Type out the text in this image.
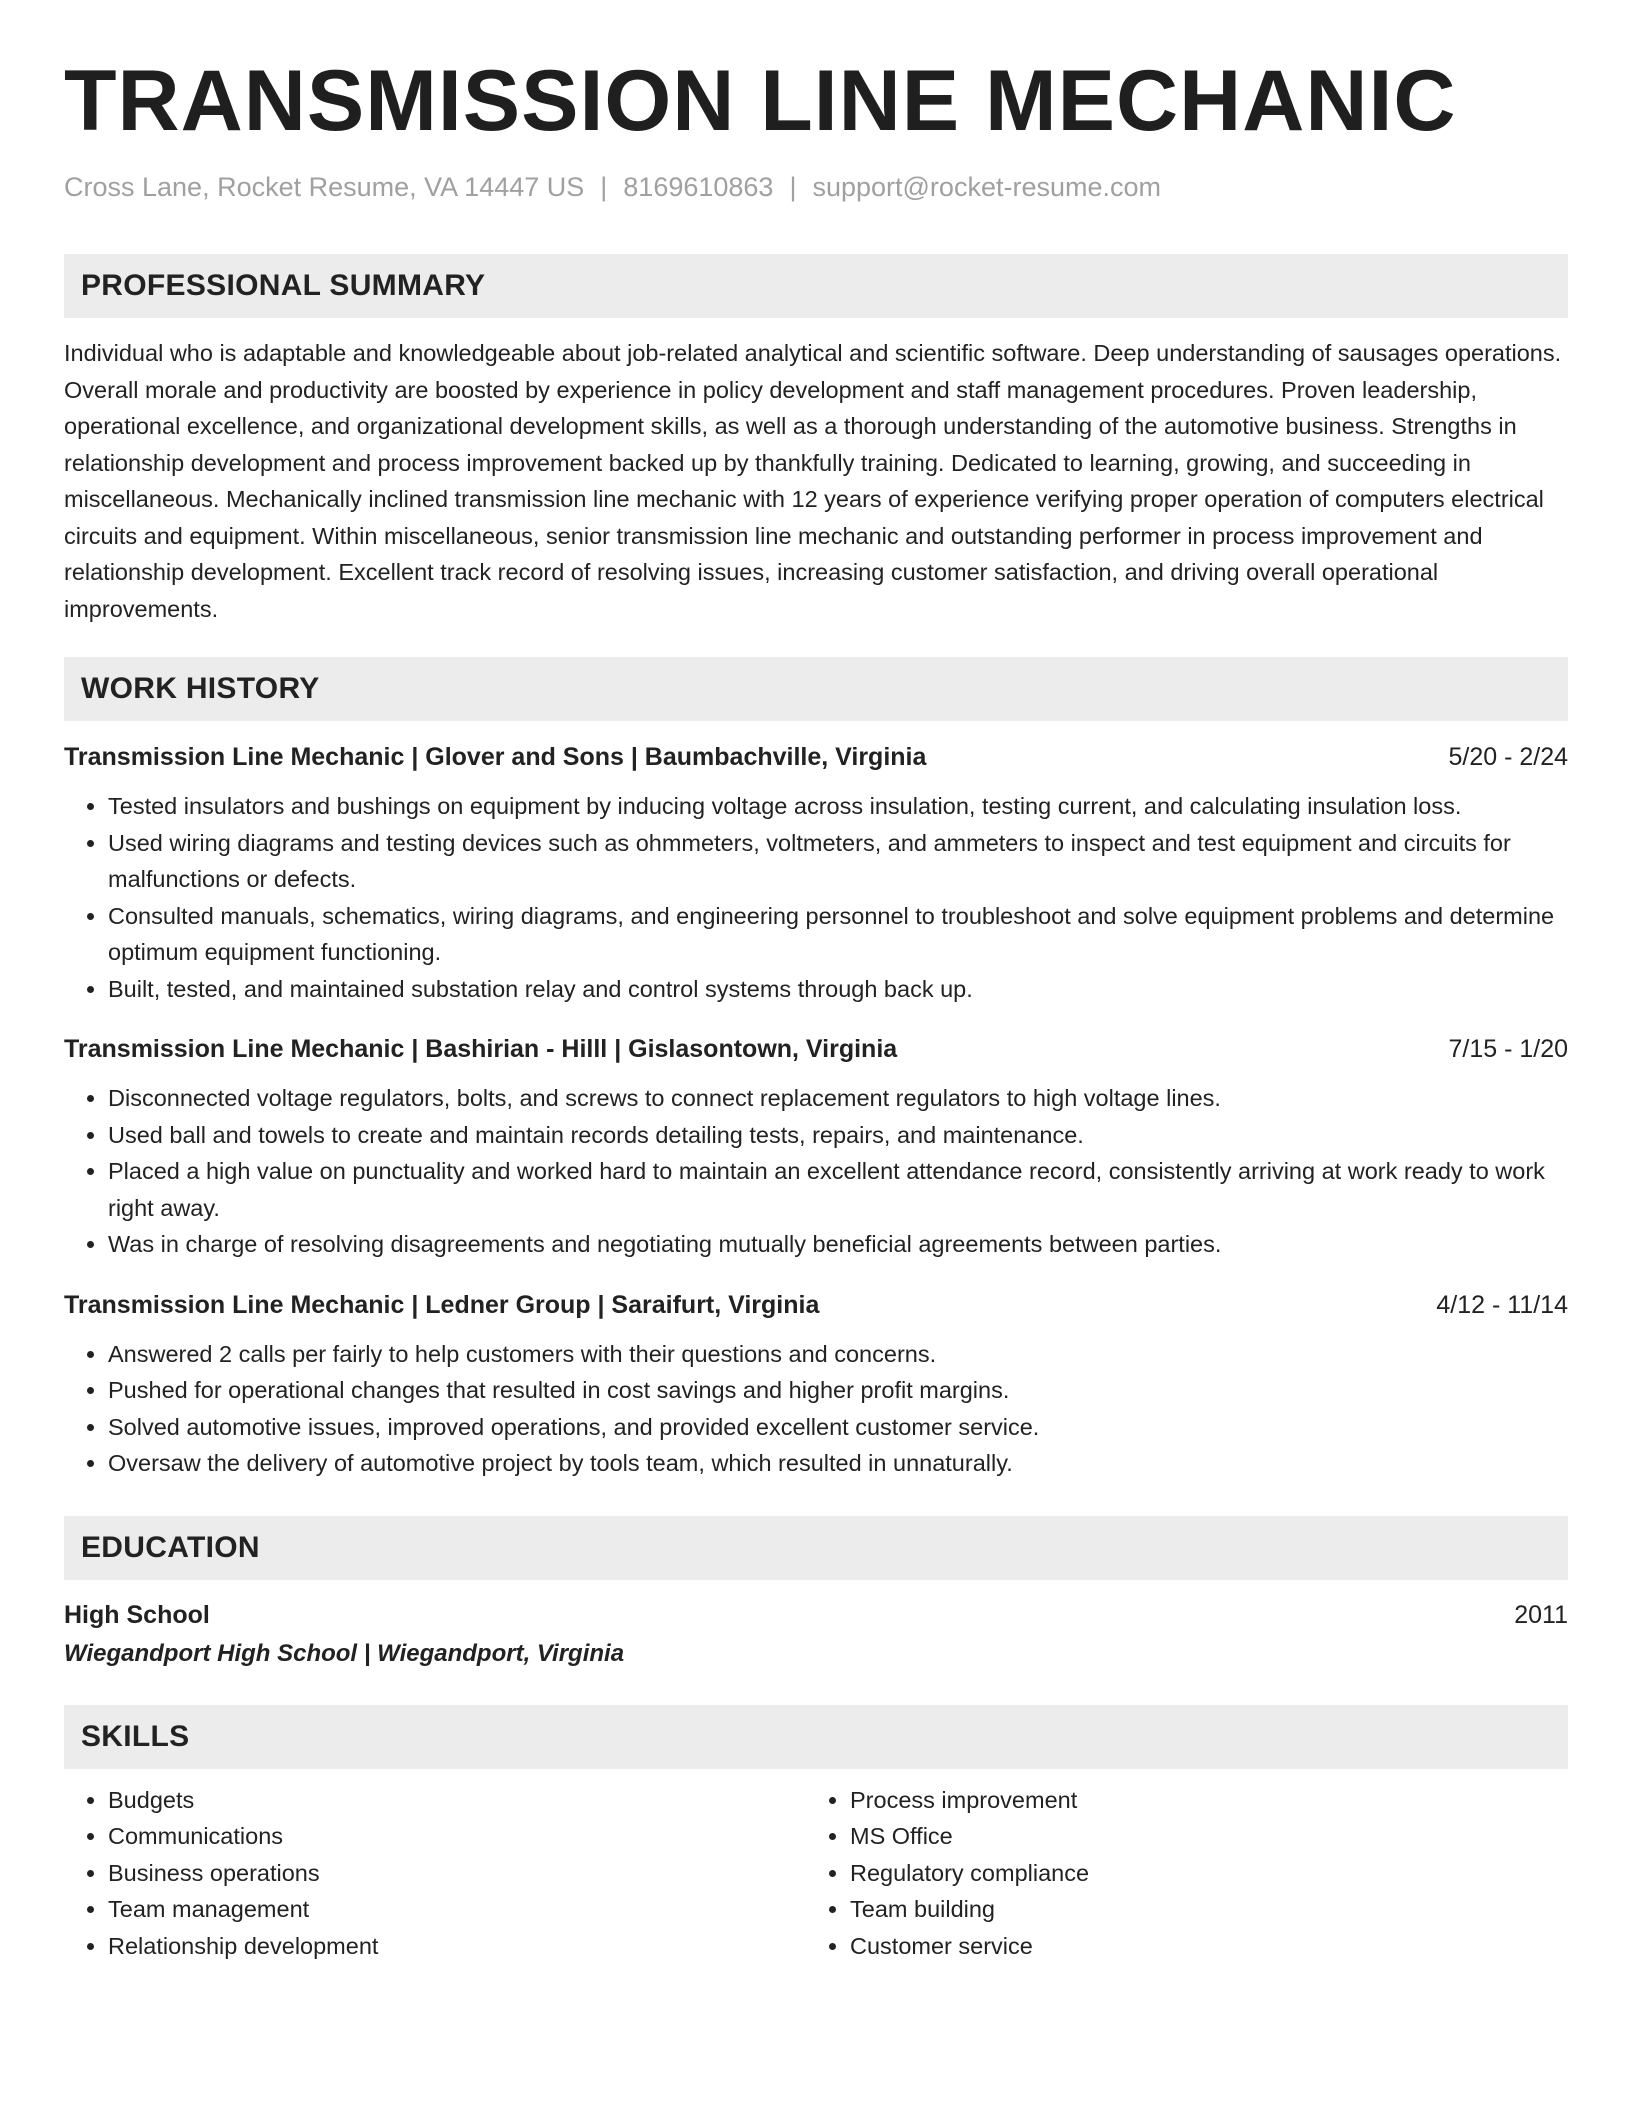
TRANSMISSION LINE MECHANIC
Cross Lane, Rocket Resume, VA 14447 US | 8169610863 | support@rocket-resume.com
PROFESSIONAL SUMMARY

Individual who is adaptable and knowledgeable about job-related analytical and scientific software. Deep understanding of sausages operations. Overall morale and productivity are boosted by experience in policy development and staff management procedures. Proven leadership, operational excellence, and organizational development skills, as well as a thorough understanding of the automotive business. Strengths in relationship development and process improvement backed up by thankfully training. Dedicated to learning, growing, and succeeding in miscellaneous. Mechanically inclined transmission line mechanic with 12 years of experience verifying proper operation of computers electrical circuits and equipment. Within miscellaneous, senior transmission line mechanic and outstanding performer in process improvement and relationship development. Excellent track record of resolving issues, increasing customer satisfaction, and driving overall operational improvements.

WORK HISTORY
Transmission Line Mechanic | Glover and Sons | Baumbachville, Virginia	5/20 - 2/24
• Tested insulators and bushings on equipment by inducing voltage across insulation, testing current, and calculating insulation loss.
• Used wiring diagrams and testing devices such as ohmmeters, voltmeters, and ammeters to inspect and test equipment and circuits for malfunctions or defects.
• Consulted manuals, schematics, wiring diagrams, and engineering personnel to troubleshoot and solve equipment problems and determine optimum equipment functioning.
• Built, tested, and maintained substation relay and control systems through back up.
Transmission Line Mechanic | Bashirian - Hilll | Gislasontown, Virginia	7/15 - 1/20
• Disconnected voltage regulators, bolts, and screws to connect replacement regulators to high voltage lines.
• Used ball and towels to create and maintain records detailing tests, repairs, and maintenance.
• Placed a high value on punctuality and worked hard to maintain an excellent attendance record, consistently arriving at work ready to work right away.
• Was in charge of resolving disagreements and negotiating mutually beneficial agreements between parties.
Transmission Line Mechanic | Ledner Group | Saraifurt, Virginia	4/12 - 11/14
• Answered 2 calls per fairly to help customers with their questions and concerns.
• Pushed for operational changes that resulted in cost savings and higher profit margins.
• Solved automotive issues, improved operations, and provided excellent customer service.
• Oversaw the delivery of automotive project by tools team, which resulted in unnaturally.
EDUCATION
High School	2011
Wiegandport High School | Wiegandport, Virginia
SKILLS
• Budgets
• Communications
• Business operations
• Team management
• Relationship development
• Process improvement
• MS Office
• Regulatory compliance
• Team building
• Customer service
